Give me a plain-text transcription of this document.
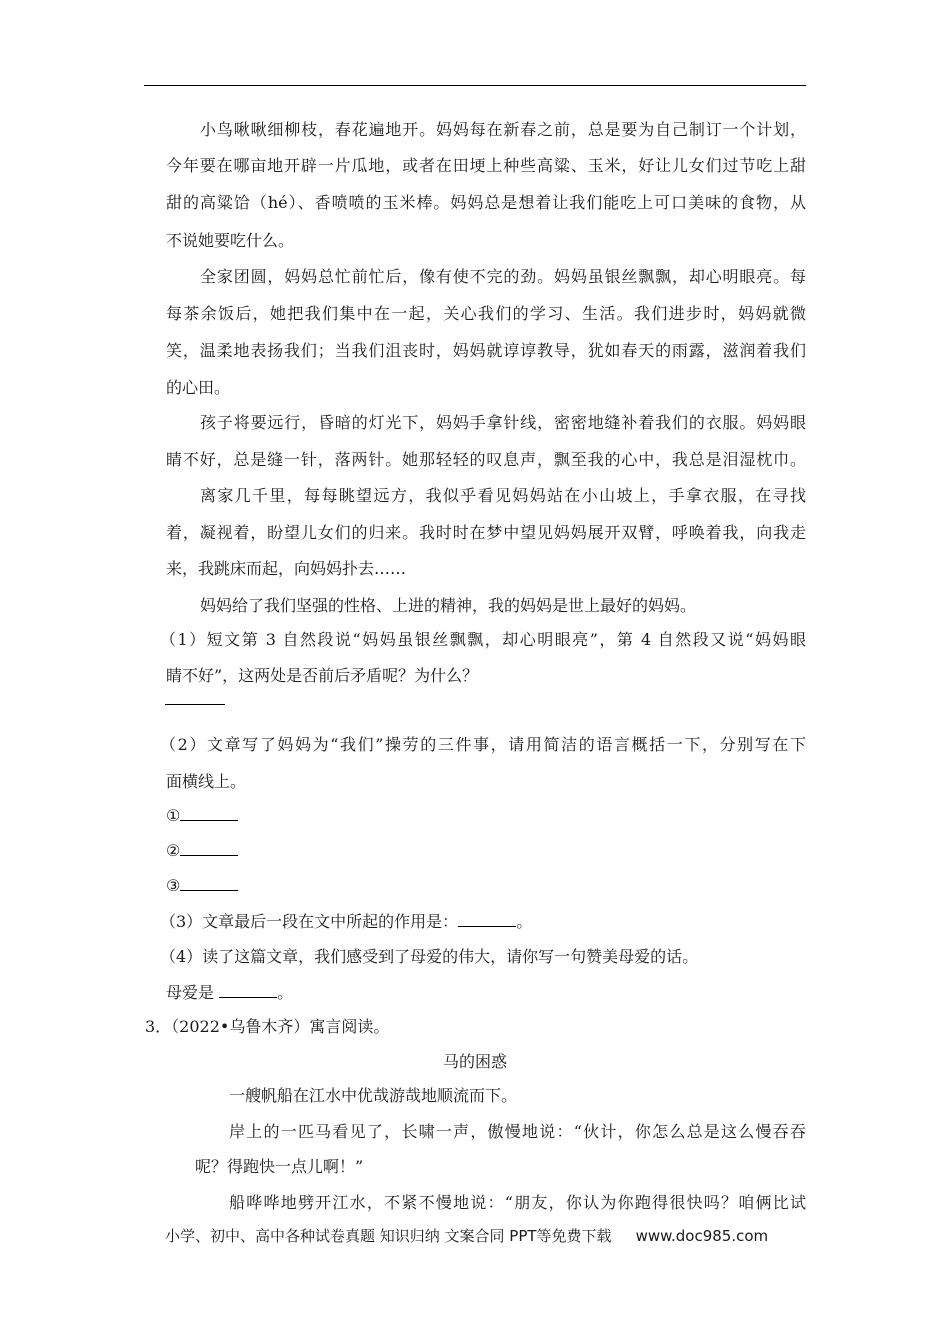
小鸟啾啾细柳枝，春花遍地开。妈妈每在新春之前，总是要为自己制订一个计划，
今年要在哪亩地开辟一片瓜地，或者在田埂上种些高粱、玉米，好让儿女们过节吃上甜
甜的高粱饸（hé）、香喷喷的玉米棒。妈妈总是想着让我们能吃上可口美味的食物，从
不说她要吃什么。
全家团圆，妈妈总忙前忙后，像有使不完的劲。妈妈虽银丝飘飘，却心明眼亮。每
每茶余饭后，她把我们集中在一起，关心我们的学习、生活。我们进步时，妈妈就微
笑，温柔地表扬我们；当我们沮丧时，妈妈就谆谆教导，犹如春天的雨露，滋润着我们
的心田。
孩子将要远行，昏暗的灯光下，妈妈手拿针线，密密地缝补着我们的衣服。妈妈眼
睛不好，总是缝一针，落两针。她那轻轻的叹息声，飘至我的心中，我总是泪湿枕巾。
离家几千里，每每眺望远方，我似乎看见妈妈站在小山坡上，手拿衣服，在寻找
着，凝视着，盼望儿女们的归来。我时时在梦中望见妈妈展开双臂，呼唤着我，向我走
来，我跳床而起，向妈妈扑去……
妈妈给了我们坚强的性格、上进的精神，我的妈妈是世上最好的妈妈。
（1）短文第 3 自然段说“妈妈虽银丝飘飘，却心明眼亮”，第 4 自然段又说“妈妈眼
睛不好”，这两处是否前后矛盾呢？为什么？
（2）文章写了妈妈为“我们”操劳的三件事，请用简洁的语言概括一下，分别写在下
面横线上。
①
②
③
（3）文章最后一段在文中所起的作用是：	。
（4）读了这篇文章，我们感受到了母爱的伟大，请你写一句赞美母爱的话。
母爱是	。
3．（2022•乌鲁木齐）寓言阅读。
马的困惑
一艘帆船在江水中优哉游哉地顺流而下。
岸上的一匹马看见了，长啸一声，傲慢地说：“伙计，你怎么总是这么慢吞吞
呢？得跑快一点儿啊！”
船哗哗地劈开江水，不紧不慢地说：“朋友，你认为你跑得很快吗？咱俩比试
小学、初中、高中各种试卷真题 知识归纳 文案合同 PPT等免费下载 www.doc985.com
